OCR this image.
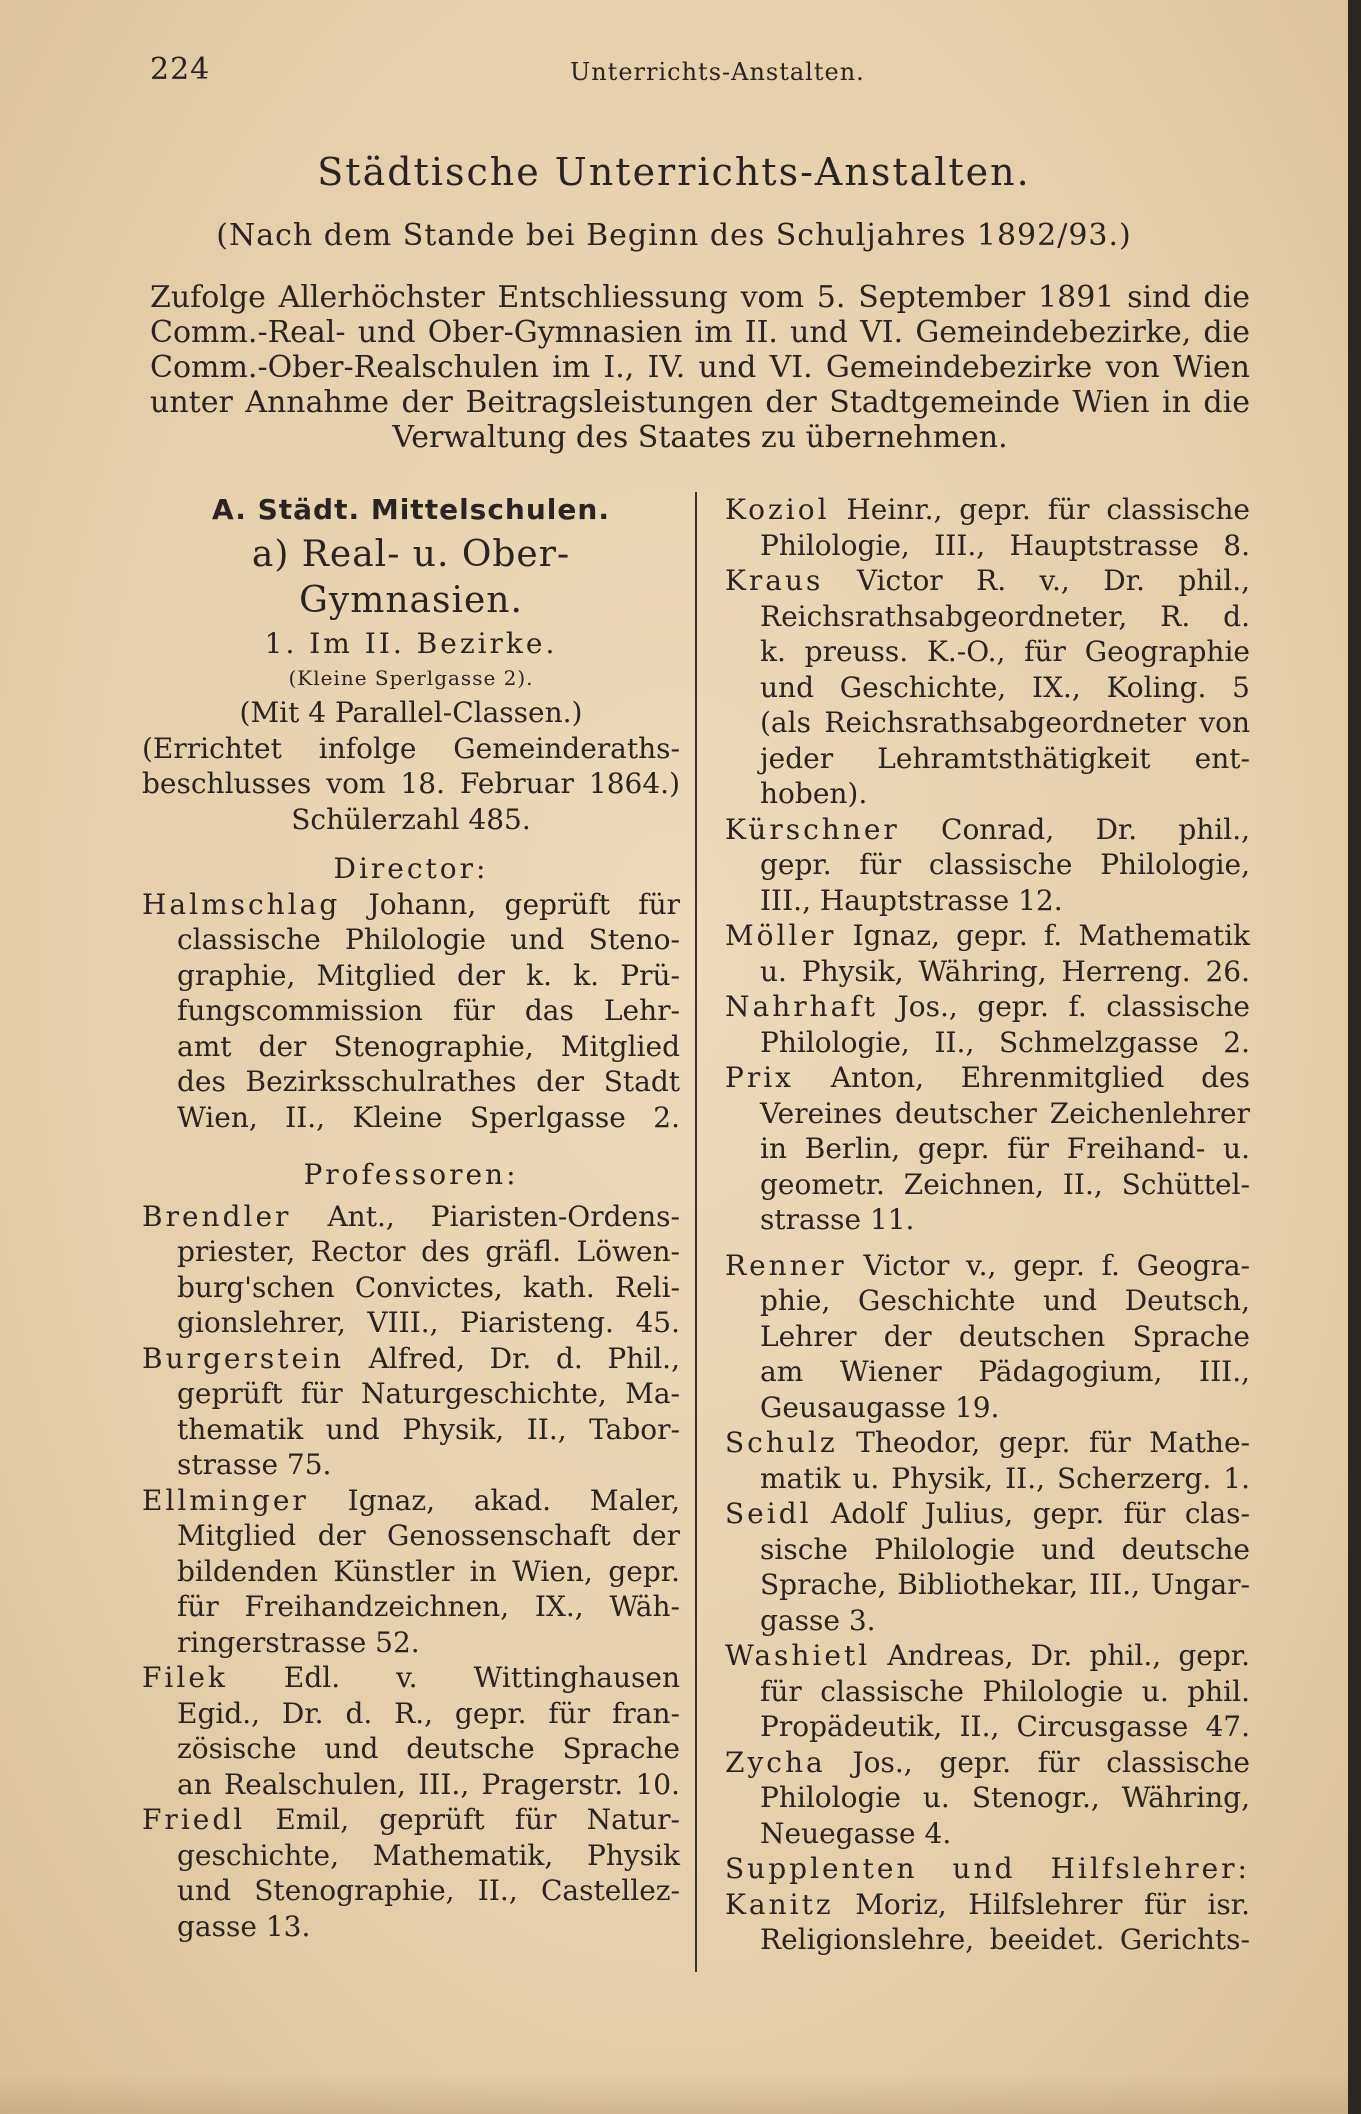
224	Unterrichts-Anstalten.
Städtische Unterrichts-Anstalten.
(Nach dem Stande bei Beginn des Schuljahres 1892/93.)
Zufolge Allerhöchster Entschliessung vom 5. September 1891 sind die
Comm.-Real- und Ober-Gymnasien im II. und VI. Gemeindebezirke, die
Comm.-Ober-Realschulen im I., IV. und VI. Gemeindebezirke von Wien
unter Annahme der Beitragsleistungen der Stadtgemeinde Wien in die
Verwaltung des Staates zu übernehmen.
A. Städt. Mittelschulen.
a) Real- u. Ober-Gymnasien.
1. Im II. Bezirke.
(Kleine Sperlgasse 2).
(Mit 4 Parallel-Classen.)
(Errichtet infolge Gemeinderaths-
beschlusses vom 18. Februar 1864.)
Schülerzahl 485.
Director:
Halmschlag Johann, geprüft für
classische Philologie und Steno-
graphie, Mitglied der k. k. Prü-
fungscommission für das Lehr-
amt der Stenographie, Mitglied
des Bezirksschulrathes der Stadt
Wien, II., Kleine Sperlgasse 2.
Professoren:
Brendler Ant., Piaristen-Ordens-
priester, Rector des gräfl. Löwen-
burg'schen Convictes, kath. Reli-
gionslehrer, VIII., Piaristeng. 45.
Burgerstein Alfred, Dr. d. Phil.,
geprüft für Naturgeschichte, Ma-
thematik und Physik, II., Tabor-
strasse 75.
Ellminger Ignaz, akad. Maler,
Mitglied der Genossenschaft der
bildenden Künstler in Wien, gepr.
für Freihandzeichnen, IX., Wäh-
ringerstrasse 52.
Filek Edl. v. Wittinghausen
Egid., Dr. d. R., gepr. für fran-
zösische und deutsche Sprache
an Realschulen, III., Pragerstr. 10.
Friedl Emil, geprüft für Natur-
geschichte, Mathematik, Physik
und Stenographie, II., Castellez-
gasse 13.
Koziol Heinr., gepr. für classische
Philologie, III., Hauptstrasse 8.
Kraus Victor R. v., Dr. phil.,
Reichsrathsabgeordneter, R. d.
k. preuss. K.-O., für Geographie
und Geschichte, IX., Koling. 5
(als Reichsrathsabgeordneter von
jeder Lehramtsthätigkeit ent-
hoben).
Kürschner Conrad, Dr. phil.,
gepr. für classische Philologie,
III., Hauptstrasse 12.
Möller Ignaz, gepr. f. Mathematik
u. Physik, Währing, Herreng. 26.
Nahrhaft Jos., gepr. f. classische
Philologie, II., Schmelzgasse 2.
Prix Anton, Ehrenmitglied des
Vereines deutscher Zeichenlehrer
in Berlin, gepr. für Freihand- u.
geometr. Zeichnen, II., Schüttel-
strasse 11.
Renner Victor v., gepr. f. Geogra-
phie, Geschichte und Deutsch,
Lehrer der deutschen Sprache
am Wiener Pädagogium, III.,
Geusaugasse 19.
Schulz Theodor, gepr. für Mathe-
matik u. Physik, II., Scherzerg. 1.
Seidl Adolf Julius, gepr. für clas-
sische Philologie und deutsche
Sprache, Bibliothekar, III., Ungar-
gasse 3.
Washietl Andreas, Dr. phil., gepr.
für classische Philologie u. phil.
Propädeutik, II., Circusgasse 47.
Zycha Jos., gepr. für classische
Philologie u. Stenogr., Währing,
Neuegasse 4.
Supplenten und Hilfslehrer:
Kanitz Moriz, Hilfslehrer für isr.
Religionslehre, beeidet. Gerichts-
